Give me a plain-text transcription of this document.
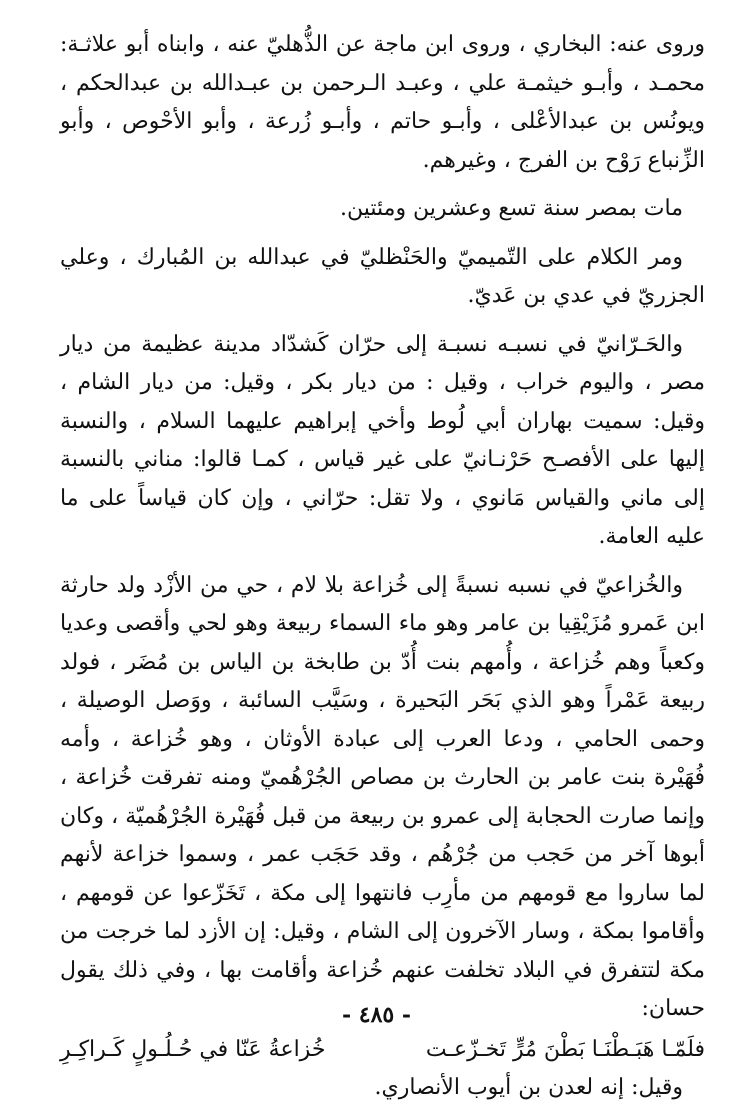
وروى عنه: البخاري ، وروى ابن ماجة عن الذُّهليّ عنه ، وابناه أبو علاثـة: محمـد ، وأبـو خيثمـة علي ، وعبـد الـرحمن بن عبـدالله بن عبدالحكم ، ويونُس بن عبدالأعْلى ، وأبـو حاتم ، وأبـو زُرعة ، وأبو الأحْوص ، وأبو الزِّنباع رَوْح بن الفرج ، وغيرهم.

مات بمصر سنة تسع وعشرين ومئتين.

ومر الكلام على التّميميّ والحَنْظليّ في عبدالله بن المُبارك ، وعلي الجزريّ في عدي بن عَديّ.

والحَـرّانيّ في نسبـه نسبـة إلى حرّان كَشدّاد مدينة عظيمة من ديار مصر ، واليوم خراب ، وقيل : من ديار بكر ، وقيل: من ديار الشام ، وقيل: سميت بهاران أبي لُوط وأخي إبراهيم عليهما السلام ، والنسبة إليها على الأفصـح حَرْنـانيّ على غير قياس ، كمـا قالوا: مناني بالنسبة إلى ماني والقياس مَانوي ، ولا تقل: حرّاني ، وإن كان قياساً على ما عليه العامة.

والخُزاعيّ في نسبه نسبةً إلى خُزاعة بلا لام ، حي من الأزْد ولد حارثة ابن عَمرو مُزَيْقِيا بن عامر وهو ماء السماء ربيعة وهو لحي وأقصى وعديا وكعباً وهم خُزاعة ، وأُمهم بنت أُدّ بن طابخة بن الياس بن مُضَر ، فولد ربيعة عَمْراً وهو الذي بَحَر البَحيرة ، وسَيَّب السائبة ، ووَصل الوصيلة ، وحمى الحامي ، ودعا العرب إلى عبادة الأوثان ، وهو خُزاعة ، وأمه فُهَيْرة بنت عامر بن الحارث بن مصاص الجُرْهُميّ ومنه تفرقت خُزاعة ، وإنما صارت الحجابة إلى عمرو بن ربيعة من قبل فُهَيْرة الجُرْهُميّة ، وكان أبوها آخر من حَجب من جُرْهُم ، وقد حَجَب عمر ، وسموا خزاعة لأنهم لما ساروا مع قومهم من مأرِب فانتهوا إلى مكة ، تَخَزّعوا عن قومهم ، وأقاموا بمكة ، وسار الآخرون إلى الشام ، وقيل: إن الأزد لما خرجت من مكة لتتفرق في البلاد تخلفت عنهم خُزاعة وأقامت بها ، وفي ذلك يقول حسان:

فلَمّـا هَبَـطْنَـا بَطْنَ مُرٍّ تَخـزّعـت
خُزاعةُ عَنّا في حُـلُـولٍ كَـراكِـرِ

وقيل: إنه لعدن بن أيوب الأنصاري.

- ٤٨٥ -
